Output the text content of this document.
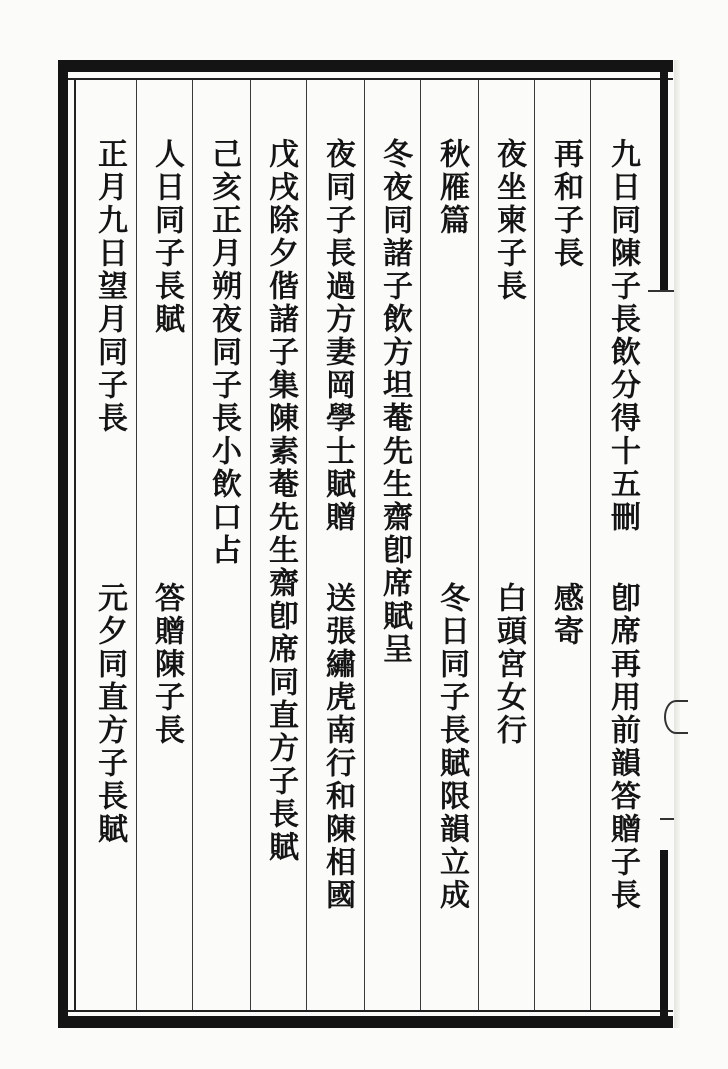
九日同陳子長飲分得十五刪
卽席再用前韻答贈子長
再和子長
感寄
夜坐柬子長
白頭宮女行
秋雁篇
冬日同子長賦限韻立成
冬夜同諸子飲方坦菴先生齋卽席賦呈
夜同子長過方妻岡學士賦贈
送張繡虎南行和陳相國
戊戌除夕偕諸子集陳素菴先生齋卽席同直方子長賦
己亥正月朔夜同子長小飲口占
人日同子長賦
答贈陳子長
正月九日望月同子長
元夕同直方子長賦
